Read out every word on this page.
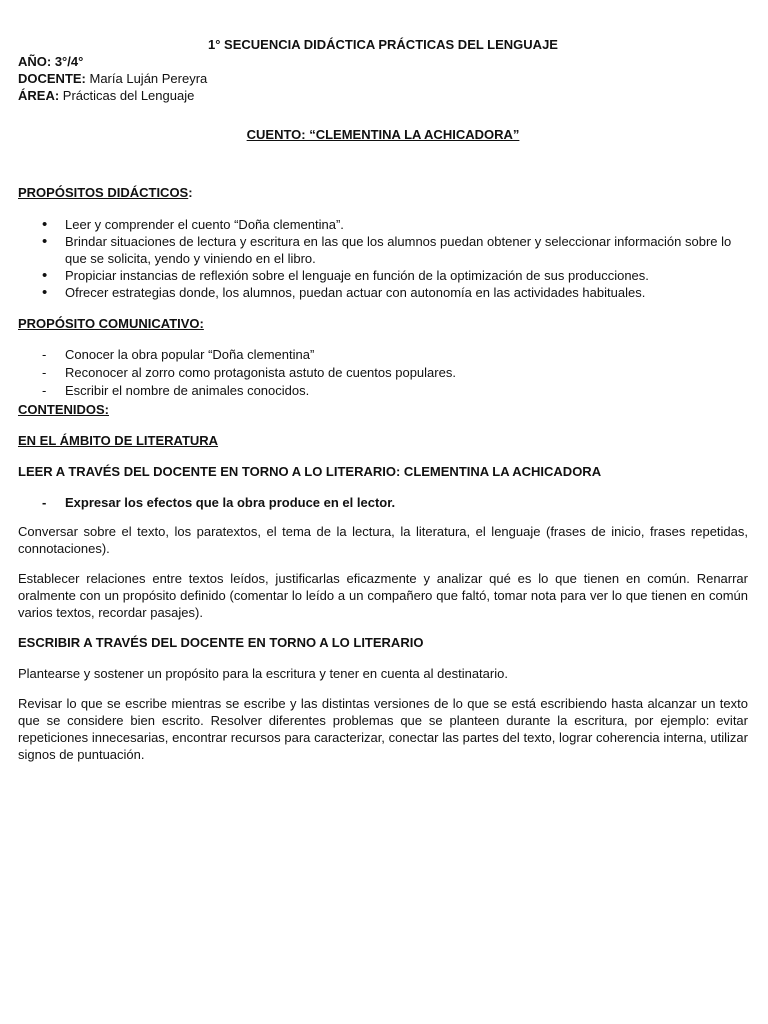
1° SECUENCIA DIDÁCTICA PRÁCTICAS DEL LENGUAJE
AÑO: 3°/4°
DOCENTE: María Luján Pereyra
ÁREA: Prácticas del Lenguaje
CUENTO: “CLEMENTINA LA ACHICADORA”
PROPÓSITOS DIDÁCTICOS:
• Leer y comprender el cuento “Doña clementina”.
• Brindar situaciones de lectura y escritura en las que los alumnos puedan obtener y seleccionar información sobre lo que se solicita, yendo y viniendo en el libro.
• Propiciar instancias de reflexión sobre el lenguaje en función de la optimización de sus producciones.
• Ofrecer estrategias donde, los alumnos, puedan actuar con autonomía en las actividades habituales.
PROPÓSITO COMUNICATIVO:
- Conocer la obra popular “Doña clementina”
- Reconocer al zorro como protagonista astuto de cuentos populares.
- Escribir el nombre de animales conocidos.
CONTENIDOS:
EN EL ÁMBITO DE LITERATURA
LEER A TRAVÉS DEL DOCENTE EN TORNO A LO LITERARIO: CLEMENTINA LA ACHICADORA
- Expresar los efectos que la obra produce en el lector.

Conversar sobre el texto, los paratextos, el tema de la lectura, la literatura, el lenguaje (frases de inicio, frases repetidas, connotaciones).

Establecer relaciones entre textos leídos, justificarlas eficazmente y analizar qué es lo que tienen en común. Renarrar oralmente con un propósito definido (comentar lo leído a un compañero que faltó, tomar nota para ver lo que tienen en común varios textos, recordar pasajes).

ESCRIBIR A TRAVÉS DEL DOCENTE EN TORNO A LO LITERARIO

Plantearse y sostener un propósito para la escritura y tener en cuenta al destinatario.

Revisar lo que se escribe mientras se escribe y las distintas versiones de lo que se está escribiendo hasta alcanzar un texto que se considere bien escrito. Resolver diferentes problemas que se planteen durante la escritura, por ejemplo: evitar repeticiones innecesarias, encontrar recursos para caracterizar, conectar las partes del texto, lograr coherencia interna, utilizar signos de puntuación.
